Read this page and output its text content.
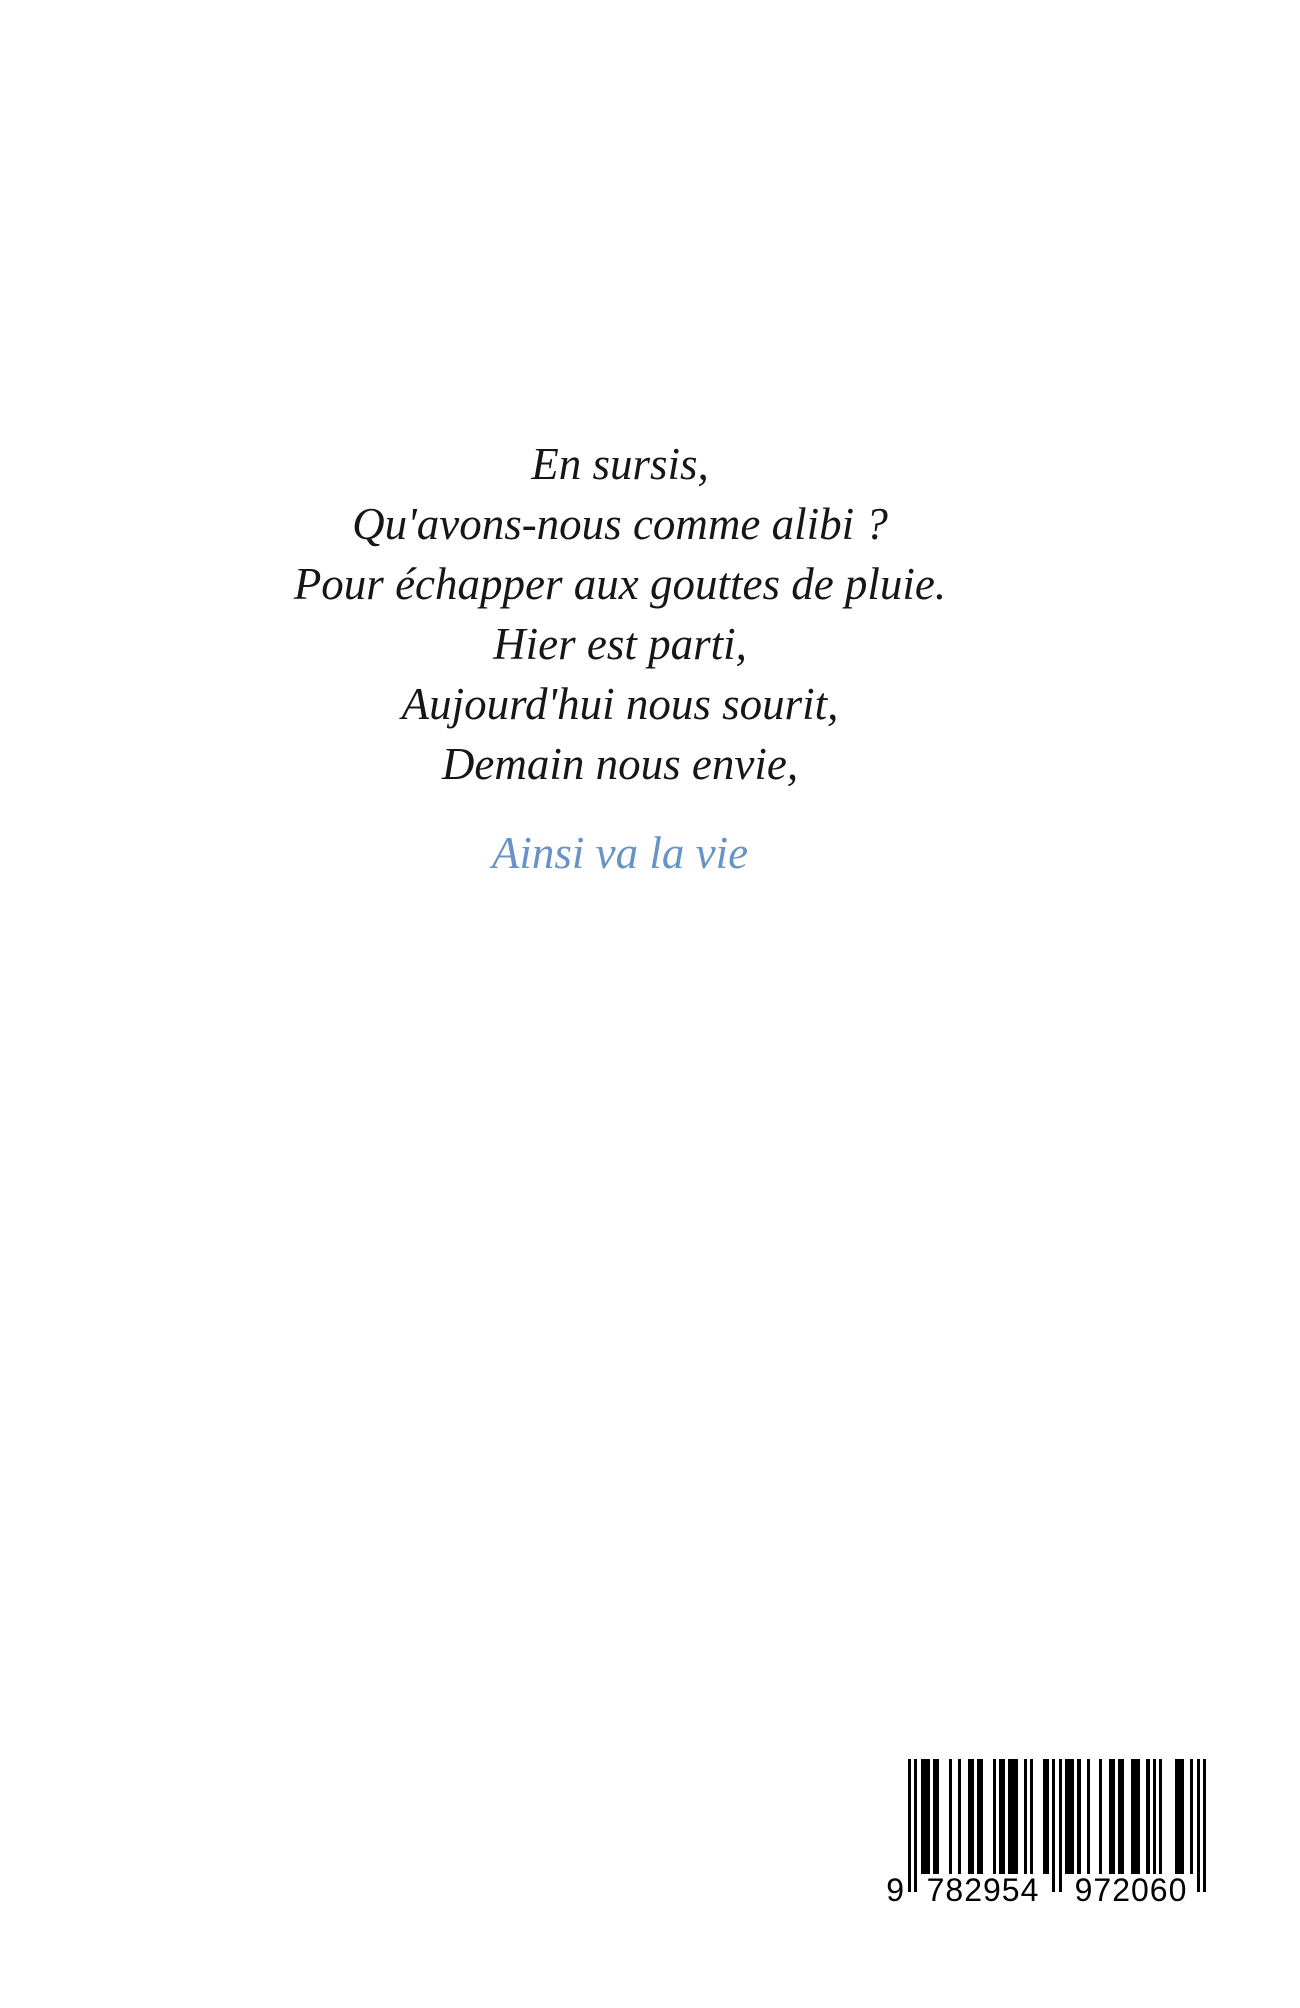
En sursis,
Qu'avons-nous comme alibi ?
Pour échapper aux gouttes de pluie.
Hier est parti,
Aujourd'hui nous sourit,
Demain nous envie,
Ainsi va la vie
9 782954	972060
